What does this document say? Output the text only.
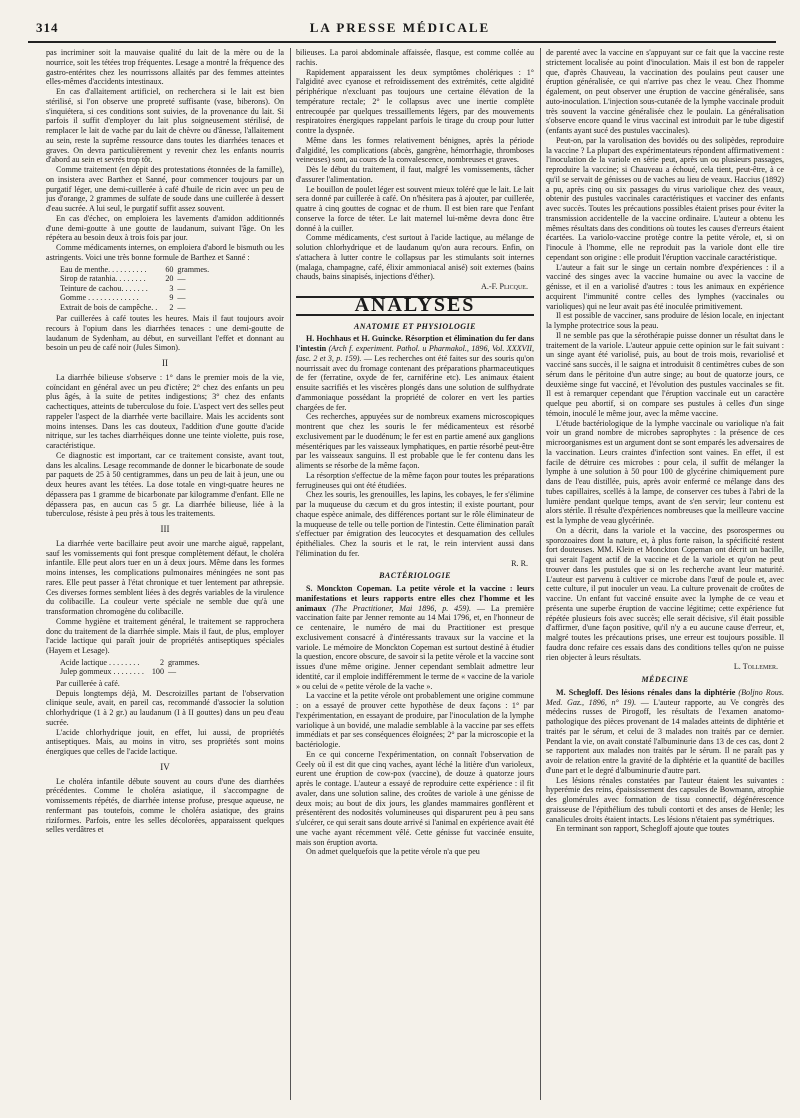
314	LA PRESSE MÉDICALE

pas incriminer soit la mauvaise qualité du lait de la mère ou de la nourrice, soit les tétées trop fréquentes. Lesage a montré la fréquence des gastro-entérites chez les nourrissons allaités par des femmes atteintes elles-mêmes d'accidents intestinaux.

En cas d'allaitement artificiel, on recherchera si le lait est bien stérilisé, si l'on observe une propreté suffisante (vase, biberons). On s'inquiétera, si ces conditions sont suivies, de la provenance du lait. Si parfois il suffit d'employer du lait plus soigneusement stérilisé, de remplacer le lait de vache par du lait de chèvre ou d'ânesse, l'allaitement au sein, reste la suprême ressource dans toutes les diarrhées tenaces et graves. On devra particulièrement y revenir chez les enfants nourris d'abord au sein et sevrés trop tôt.

Comme traitement (en dépit des protestations étonnées de la famille), on insistera avec Barthez et Sanné, pour commencer toujours par un purgatif léger, une demi-cuillerée à café d'huile de ricin avec un peu de jus d'orange, 2 grammes de sulfate de soude dans une cuillerée à dessert d'eau sucrée. A lui seul, le purgatif suffit assez souvent.

En cas d'échec, on emploiera les lavements d'amidon additionnés d'une demi-goutte à une goutte de laudanum, suivant l'âge. On les répétera au besoin deux à trois fois par jour.

Comme médicaments internes, on emploiera d'abord le bismuth ou les astringents. Voici une très bonne formule de Barthez et Sanné :

Eau de menthe. . . . . . . . . .	60	grammes.
Sirop de ratanhia. . . . . . . .	20	—
Teinture de cachou. . . . . . .	3	—
Gomme . . . . . . . . . . . . .	9	—
Extrait de bois de campêche. .	2	—

Par cuillerées à café toutes les heures. Mais il faut toujours avoir recours à l'opium dans les diarrhées tenaces : une demi-goutte de laudanum de Sydenham, au début, en surveillant l'effet et donnant au besoin un peu de café noir (Jules Simon).

II

La diarrhée bilieuse s'observe : 1° dans le premier mois de la vie, coïncidant en général avec un peu d'ictère; 2° chez des enfants un peu plus âgés, à la suite de petites indigestions; 3° chez des enfants cachectiques, atteints de tuberculose du foie. L'aspect vert des selles peut rappeler l'aspect de la diarrhée verte bacillaire. Mais les accidents sont moins intenses. Dans les cas douteux, l'addition d'une goutte d'acide nitrique, sur les taches diarrhéiques donne une teinte violette, puis rose, caractéristique.

Ce diagnostic est important, car ce traitement consiste, avant tout, dans les alcalins. Lesage recommande de donner le bicarbonate de soude par paquets de 25 à 50 centigrammes, dans un peu de lait à jeun, une ou deux heures avant les tétées. La dose totale en vingt-quatre heures ne dépassera pas 1 gramme de bicarbonate par kilogramme d'enfant. Elle ne dépassera pas, en aucun cas 5 gr. La diarrhée bilieuse, liée à la tuberculose, résiste à peu près à tous les traitements.

III

La diarrhée verte bacillaire peut avoir une marche aiguë, rappelant, sauf les vomissements qui font presque complètement défaut, le choléra infantile. Elle peut alors tuer en un à deux jours. Même dans les formes moins intenses, les complications pulmonaires méningées ne sont pas rares. Elle peut passer à l'état chronique et tuer lentement par athrepsie. Ces diverses formes semblent liées à des degrés variables de la virulence du colibacille. La couleur verte spéciale ne semble due qu'à une transformation chromogène du colibacille.

Comme hygiène et traitement général, le traitement se rapprochera donc du traitement de la diarrhée simple. Mais il faut, de plus, employer l'acide lactique qui paraît jouir de propriétés antiseptiques spéciales (Hayem et Lesage).

Acide lactique . . . . . . . .	2	grammes.
Julep gommeux . . . . . . . .	100	—

Par cuillerée à café.

Depuis longtemps déjà, M. Descroizilles partant de l'observation clinique seule, avait, en pareil cas, recommandé d'associer la solution chlorhydrique (1 à 2 gr.) au laudanum (I à II gouttes) dans un peu d'eau sucrée.

L'acide chlorhydrique jouit, en effet, lui aussi, de propriétés antiseptiques. Mais, au moins in vitro, ses propriétés sont moins énergiques que celles de l'acide lactique.

IV

Le choléra infantile débute souvent au cours d'une des diarrhées précédentes. Comme le choléra asiatique, il s'accompagne de vomissements répétés, de diarrhée intense profuse, presque aqueuse, ne renfermant pas toutefois, comme le choléra asiatique, des grains riziformes. Parfois, entre les selles décolorées, apparaissent quelques selles verdâtres et

bilieuses. La paroi abdominale affaissée, flasque, est comme collée au rachis.

Rapidement apparaissent les deux symptômes cholériques : 1° l'algidité avec cyanose et refroidissement des extrémités, cette algidité périphérique n'excluant pas toujours une certaine élévation de la température rectale; 2° le collapsus avec une inertie complète entrecoupée par quelques tressaillements légers, par des mouvements respiratoires énergiques rappelant parfois le tirage du croup pour lutter contre la dyspnée.

Même dans les formes relativement bénignes, après la période d'algidité, les complications (abcès, gangrène, hémorrhagie, thromboses veineuses) sont, au cours de la convalescence, nombreuses et graves.

Dès le début du traitement, il faut, malgré les vomissements, tâcher d'assurer l'alimentation.

Le bouillon de poulet léger est souvent mieux toléré que le lait. Le lait sera donné par cuillerée à café. On n'hésitera pas à ajouter, par cuillerée, quatre à cinq gouttes de cognac et de rhum. Il est bien rare que l'enfant conserve la force de téter. Le lait maternel lui-même devra donc être donné à la cuiller.

Comme médicaments, c'est surtout à l'acide lactique, au mélange de solution chlorhydrique et de laudanum qu'on aura recours. Enfin, on s'attachera à lutter contre le collapsus par les stimulants soit internes (malaga, champagne, café, élixir ammoniacal anisé) soit externes (bains chauds, bains sinapisés, injections d'éther).

A.-F. Plicque.
ANALYSES
ANATOMIE ET PHYSIOLOGIE

H. Hochhaus et H. Guincke. Résorption et élimination du fer dans l'intestin (Arch f. experiment. Pathol. u Pharmakol., 1896, Vol. XXXVII, fasc. 2 et 3, p. 159). — Les recherches ont été faites sur des souris qu'on nourrissait avec du fromage contenant des préparations pharmaceutiques de fer (ferratine, oxyde de fer, carniférine etc). Les animaux étaient ensuite sacrifiés et les viscères plongés dans une solution de sulfhydrate d'ammoniaque possédant la propriété de colorer en vert les parties chargées de fer.

Ces recherches, appuyées sur de nombreux examens microscopiques montrent que chez les souris le fer médicamenteux est résorbé exclusivement par le duodénum; le fer est en partie amené aux ganglions mésentériques par les vaisseaux lymphatiques, en partie résorbé peut-être par les vaisseaux sanguins. Il est probable que le fer contenu dans les aliments se résorbe de la même façon.

La résorption s'effectue de la même façon pour toutes les préparations ferrugineuses qui ont été étudiées.

Chez les souris, les grenouilles, les lapins, les cobayes, le fer s'élimine par la muqueuse du cæcum et du gros intestin; il existe pourtant, pour chaque espèce animale, des différences portant sur le rôle éliminateur de la muqueuse de telle ou telle portion de l'intestin. Cette élimination paraît s'effectuer par émigration des leucocytes et desquamation des cellules épithéliales. Chez la souris et le rat, le rein intervient aussi dans l'élimination du fer.

R. R.
BACTÉRIOLOGIE

S. Monckton Copeman. La petite vérole et la vaccine : leurs manifestations et leurs rapports entre elles chez l'homme et les animaux (The Practitioner, Mai 1896, p. 459). — La première vaccination faite par Jenner remonte au 14 Mai 1796, et, en l'honneur de ce centenaire, le numéro de mai du Practitioner est presque exclusivement consacré à d'intéressants travaux sur la vaccine et la variole. Le mémoire de Monckton Copeman est surtout destiné à étudier la question, encore obscure, de savoir si la petite vérole et la vaccine sont issues d'une même origine. Jenner cependant semblait admettre leur identité, car il emploie indifféremment le terme de « vaccine de la variole » ou celui de « petite vérole de la vache ».

La vaccine et la petite vérole ont probablement une origine commune : on a essayé de prouver cette hypothèse de deux façons : 1° par l'expérimentation, en essayant de produire, par l'inoculation de la lymphe variolique à un bovidé, une maladie semblable à la vaccine par ses effets immédiats et par ses conséquences éloignées; 2° par la microscopie et la bactériologie.

En ce qui concerne l'expérimentation, on connaît l'observation de Ceely où il est dit que cinq vaches, ayant léché la litière d'un varioleux, eurent une éruption de cow-pox (vaccine), de douze à quatorze jours après le contage. L'auteur a essayé de reproduire cette expérience : il fit avaler, dans une solution saline, des croûtes de variole à une génisse de deux mois; au bout de dix jours, les glandes mammaires gonflèrent et présentèrent des nodosités volumineuses qui disparurent peu à peu sans s'ulcérer, ce qui serait sans doute arrivé si l'animal en expérience avait été une vache ayant récemment vêlé. Cette génisse fut vaccinée ensuite, mais son éruption avorta.

On admet quelquefois que la petite vérole n'a que peu

de parenté avec la vaccine en s'appuyant sur ce fait que la vaccine reste strictement localisée au point d'inoculation. Mais il est bon de rappeler que, d'après Chauveau, la vaccination des poulains peut causer une éruption généralisée, ce qui n'arrive pas chez le veau. Chez l'homme également, on peut observer une éruption de vaccine généralisée, sans auto-inoculation. L'injection sous-cutanée de la lymphe vaccinale produit très souvent la vaccine généralisée chez le poulain. La généralisation s'observe encore quand le virus vaccinal est introduit par le tube digestif (enfants ayant sucé des pustules vaccinales).

Peut-on, par la varolisation des bovidés ou des solipèdes, reproduire la vaccine ? La plupart des expérimentateurs répondent affirmativement : l'inoculation de la variole en série peut, après un ou plusieurs passages, reproduire la vaccine; si Chauveau a échoué, cela tient, peut-être, à ce qu'il se servait de génisses ou de vaches au lieu de veaux. Haccius (1892) a pu, après cinq ou six passages du virus variolique chez des veaux, obtenir des pustules vaccinales caractéristiques et vacciner des enfants avec succès. Toutes les précautions possibles étaient prises pour éviter la transmission accidentelle de la vaccine ordinaire. L'auteur a obtenu les mêmes résultats dans des conditions où toutes les causes d'erreurs étaient écartées. La variolo-vaccine protège contre la petite vérole, et, si on l'inocule à l'homme, elle ne reproduit pas la variole dont elle tire cependant son origine : elle produit l'éruption vaccinale caractéristique.

L'auteur a fait sur le singe un certain nombre d'expériences : il a vacciné des singes avec la vaccine humaine ou avec la vaccine de génisse, et il en a variolisé d'autres : tous les animaux en expérience acquirent l'immunité contre celles des lymphes (vaccinales ou varioliques) qui ne leur avait pas été inoculée primitivement.

Il est possible de vacciner, sans produire de lésion locale, en injectant la lymphe protectrice sous la peau.

Il ne semble pas que la sérothérapie puisse donner un résultat dans le traitement de la variole. L'auteur appuie cette opinion sur le fait suivant : un singe ayant été variolisé, puis, au bout de trois mois, revariolisé et vacciné sans succès, il le saigna et introduisit 8 centimètres cubes de son sérum dans le péritoine d'un autre singe; au bout de quatorze jours, ce deuxième singe fut vacciné, et l'évolution des pustules vaccinales se fit. Il est à remarquer cependant que l'éruption vaccinale eut un caractère quelque peu abortif, si on compare ses pustules à celles d'un singe témoin, inoculé le même jour, avec la même vaccine.

L'étude bactériologique de la lymphe vaccinale ou variolique n'a fait voir un grand nombre de microbes saprophytes : la présence de ces microorganismes est un argument dont se sont emparés les adversaires de la vaccination. Leurs craintes d'infection sont vaines. En effet, il est facile de détruire ces microbes : pour cela, il suffit de mélanger la lymphe à une solution à 50 pour 100 de glycérine chimiquement pure dans de l'eau distillée, puis, après avoir enfermé ce mélange dans des tubes capillaires, scellés à la lampe, de conserver ces tubes à l'abri de la lumière pendant quelque temps, avant de s'en servir; leur contenu est alors stérile. Il résulte d'expériences nombreuses que la meilleure vaccine est la lymphe de veau glycérinée.

On a décrit, dans la variole et la vaccine, des psorospermes ou sporozoaires dont la nature, et, à plus forte raison, la spécificité restent fort douteuses. MM. Klein et Monckton Copeman ont décrit un bacille, qui serait l'agent actif de la vaccine et de la variole et qu'on ne peut trouver dans les pustules que si on les recherche avant leur maturité. L'auteur est parvenu à cultiver ce microbe dans l'œuf de poule et, avec cette culture, il put inoculer un veau. La culture provenait de croûtes de vaccine. Un enfant fut vacciné ensuite avec la lymphe de ce veau et présenta une superbe éruption de vaccine légitime; cette expérience fut répétée plusieurs fois avec succès; elle serait décisive, s'il était possible d'affirmer, d'une façon positive, qu'il n'y a eu aucune cause d'erreur, et, malgré toutes les précautions prises, une erreur est toujours possible. Il faudra donc refaire ces essais dans des conditions telles qu'on ne puisse rien objecter à leurs résultats.

L. Tollemer.
MÉDECINE

M. Schegloff. Des lésions rénales dans la diphtérie (Boljno Rous. Med. Gaz., 1896, n° 19). — L'auteur rapporte, au Ve congrès des médecins russes de Pirogoff, les résultats de l'examen anatomo-pathologique des pièces provenant de 14 malades atteints de diphtérie et traités par le sérum, et celui de 3 malades non traités par ce dernier. Pendant la vie, on avait constaté l'albuminurie dans 13 de ces cas, dont 2 se rapportent aux malades non traités par le sérum. Il ne paraît pas y avoir de relation entre la gravité de la diphtérie et la quantité de bacilles d'une part et le degré d'albuminurie d'autre part.

Les lésions rénales constatées par l'auteur étaient les suivantes : hyperémie des reins, épaississement des capsules de Bowmann, atrophie des glomérules avec formation de tissu connectif, dégénérescence graisseuse de l'épithélium des tubuli contorti et des anses de Henle; les canalicules droits étaient intacts. Les lésions n'étaient pas symétriques.

En terminant son rapport, Schegloff ajoute que toutes
